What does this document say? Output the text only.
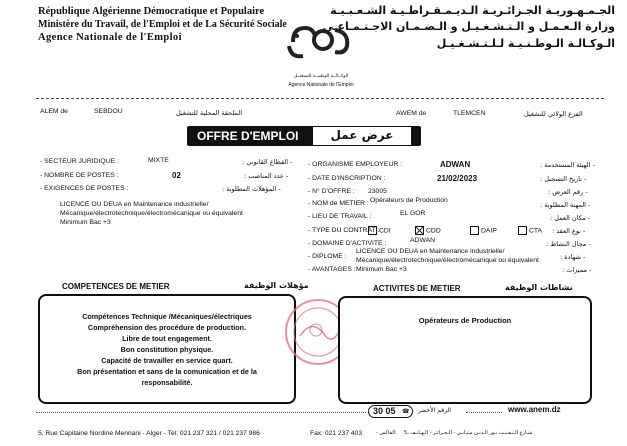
République Algérienne Démocratique et Populaire
Ministère du Travail, de l'Emploi et de La Sécurité Sociale
Agence Nationale de l'Emploi
الجـمـهـوريـة الجـزائـريـة الـديـمـقـراطـيـة الشـعـبـيـة
وزارة الـعـمـل و الـتـشـغـيـل و الـضـمـان الاجـتـمـاعـي
الـوكـالـة الـوطـنـيـة لـلـتـشـغـيـل
الوكــالــة الوطنيــة للتشغيــل
Agence Nationale de l'Emploi
ALEM de	SEBDOU	الملحقة المحلية للتشغيل	AWEM de	TLEMCEN	الفرع الولائي للتشغيل
OFFRE D'EMPLOI	عرض عمل
- SECTEUR JURIDIQUE :	MIXTE	- القطاع القانوني :
- NOMBRE DE POSTES :	02	- عدد المناصب :
- EXIGENCES DE POSTES :	- المؤهلات المطلوبة :
LICENCE OU DEUA en Maintenance industrielle/
Mécanique/électrotechnique/électromécanique ou équivalent
Minimum Bac +3
- ORGANISME EMPLOYEUR :	ADWAN	- الهيئة المستخدمة :
- DATE D'INSCRIPTION :	21/02/2023	- تاريخ التسجيل :
- N° D'OFFRE : 23005	- رقم العرض :
- NOM de METIER : Opérateurs de Production
- المهنة المطلوبة :
- LIEU DE TRAVAIL :	EL GOR
- مكان العمل :
- TYPE DU CONTRAT : CDI	CDD	DAIP	CTA - نوع العقد :
- DOMAINE D'ACTIVITE :	ADWAN	- مجال النشاط :
- DIPLOME :
LICENCE OU DEUA en Maintenance industrielle/
Mécanique/électrotechnique/électromécanique ou équivalent	- شهادة :
- AVANTAGES : Minimum Bac +3	- مميزات :
COMPETENCES DE METIER	مؤهلات الوظيفة	ACTIVITES DE METIER	نشاطات الوظيفة
Compétences Technique /Mécaniques/électriques
Compréhension des procédure de production.
Libre de tout engagement.
Bon constitution physique.
Capacité de travailler en service quart.
Bon présentation et sans de la comunication et de la
responsabilité.
Opérateurs de Production
30 05 ☎ الرقم الأخضر	www.anem.dz
5, Rue Capitaine Nordine Mennani - Alger - Tel: 021 237 321 / 021 237 986	Fax: 021 237 403	- الفاكس: 5، شـارع الـنـقـيـب نـور الـديـن مـنـانـي - الـجـزائـر - الـهـاتـف
